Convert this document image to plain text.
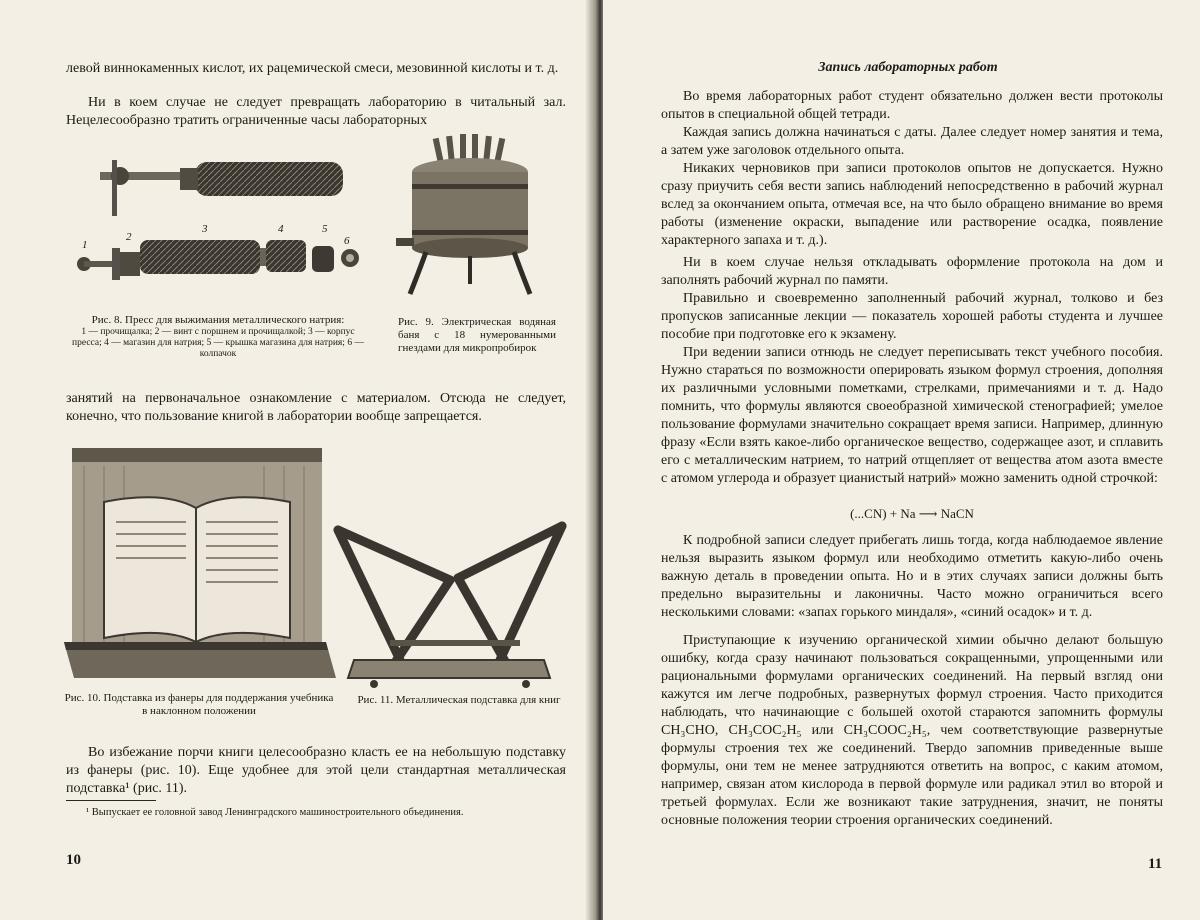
левой виннокаменных кислот, их рацемической смеси, мезовинной кислоты и т. д.

Ни в коем случае не следует превращать лабораторию в читальный зал. Нецелесообразно тратить ограниченные часы лабораторных

1
2
3	4	5
6
Рис. 8. Пресс для выжимания металлического натрия:
1 — прочищалка; 2 — винт с поршнем и прочищалкой; 3 — корпус пресса; 4 — магазин для натрия; 5 — крышка магазина для натрия; 6 — колпачок

Рис. 9. Электрическая водяная баня с 18 нумерованными гнездами для микропробирок

занятий на первоначальное ознакомление с материалом. Отсюда не следует, конечно, что пользование книгой в лаборатории вообще запрещается.

Рис. 10. Подставка из фанеры для поддержания учебника в наклонном положении

Рис. 11. Металлическая подставка для книг

Во избежание порчи книги целесообразно класть ее на небольшую подставку из фанеры (рис. 10). Еще удобнее для этой цели стандартная металлическая подставка¹ (рис. 11).

¹ Выпускает ее головной завод Ленинградского машиностроительного объединения.

10
Запись лабораторных работ

Во время лабораторных работ студент обязательно должен вести протоколы опытов в специальной общей тетради.

Каждая запись должна начинаться с даты. Далее следует номер занятия и тема, а затем уже заголовок отдельного опыта.

Никаких черновиков при записи протоколов опытов не допускается. Нужно сразу приучить себя вести запись наблюдений непосредственно в рабочий журнал вслед за окончанием опыта, отмечая все, на что было обращено внимание во время работы (изменение окраски, выпадение или растворение осадка, появление характерного запаха и т. д.).

Ни в коем случае нельзя откладывать оформление протокола на дом и заполнять рабочий журнал по памяти.

Правильно и своевременно заполненный рабочий журнал, толково и без пропусков записанные лекции — показатель хорошей работы студента и лучшее пособие при подготовке его к экзамену.

При ведении записи отнюдь не следует переписывать текст учебного пособия. Нужно стараться по возможности оперировать языком формул строения, дополняя их различными условными пометками, стрелками, примечаниями и т. д. Надо помнить, что формулы являются своеобразной химической стенографией; умелое пользование формулами значительно сокращает время записи. Например, длинную фразу «Если взять какое-либо органическое вещество, содержащее азот, и сплавить его с металлическим натрием, то натрий отщепляет от вещества атом азота вместе с атомом углерода и образует цианистый натрий» можно заменить одной строчкой:

(...CN) + Na ⟶ NaCN

К подробной записи следует прибегать лишь тогда, когда наблюдаемое явление нельзя выразить языком формул или необходимо отметить какую-либо очень важную деталь в проведении опыта. Но и в этих случаях записи должны быть предельно выразительны и лаконичны. Часто можно ограничиться всего несколькими словами: «запах горького миндаля», «синий осадок» и т. д.

Приступающие к изучению органической химии обычно делают большую ошибку, когда сразу начинают пользоваться сокращенными, упрощенными или рациональными формулами органических соединений. На первый взгляд они кажутся им легче подробных, развернутых формул строения. Часто приходится наблюдать, что начинающие с большей охотой стараются запомнить формулы CH₃CHO, CH₃COC₂H₅ или CH₃COOC₂H₅, чем соответствующие развернутые формулы строения тех же соединений. Твердо запомнив приведенные выше формулы, они тем не менее затрудняются ответить на вопрос, с каким атомом, например, связан атом кислорода в первой формуле или радикал этил во второй и третьей формулах. Если же возникают такие затруднения, значит, не поняты основные положения теории строения органических соединений.

11
